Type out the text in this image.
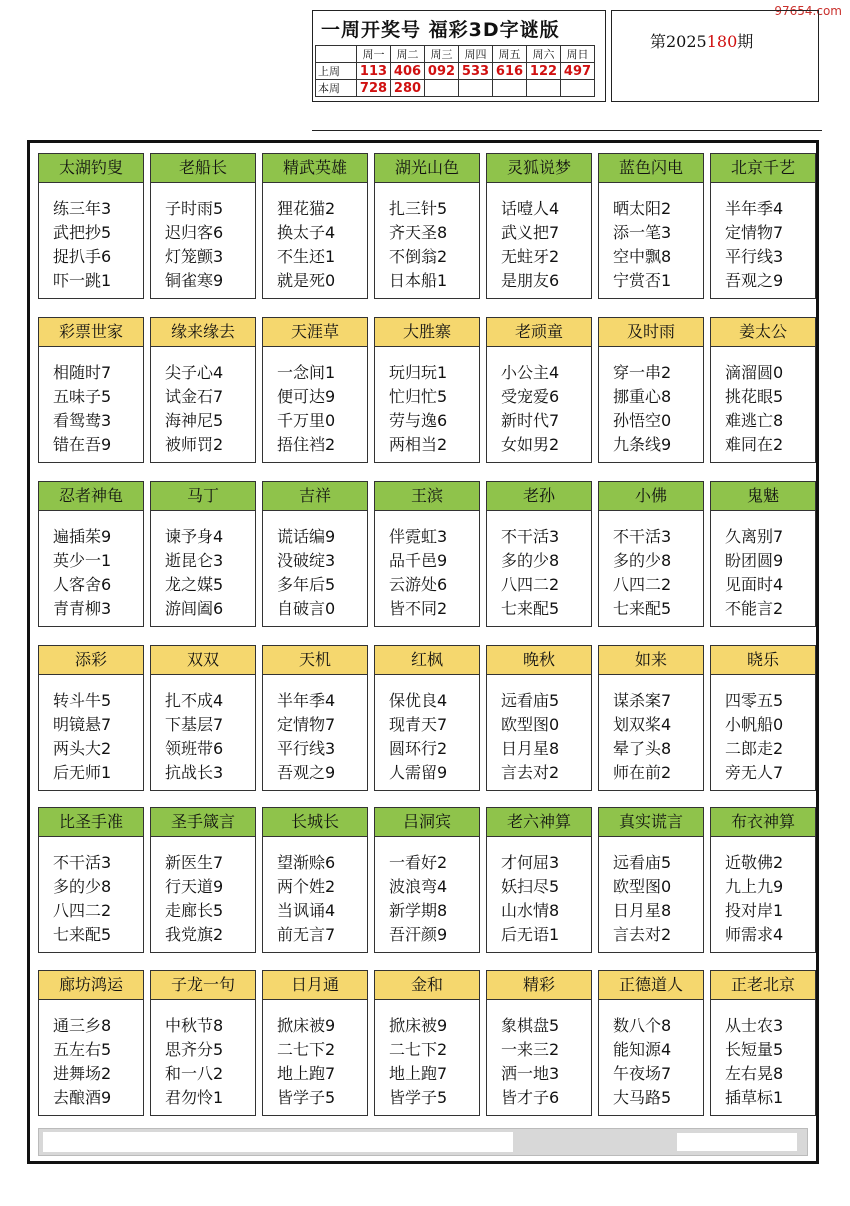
97654.com
一周开奖号 福彩3D字谜版
	周一	周二	周三	周四	周五	周六	周日
上周	113	406	092	533	616	122	497
本周	728	280					
第2025180期
太湖钓叟
练三年3
武把抄5
捉扒手6
吓一跳1
老船长
子时雨5
迟归客6
灯笼颤3
铜雀寒9
精武英雄
狸花猫2
换太子4
不生还1
就是死0
湖光山色
扎三针5
齐天圣8
不倒翁2
日本船1
灵狐说梦
话噎人4
武义把7
无蛀牙2
是朋友6
蓝色闪电
晒太阳2
添一笔3
空中飘8
宁赏否1
北京千艺
半年季4
定情物7
平行线3
吾观之9
彩票世家
相随时7
五味子5
看鸳鸯3
错在吾9
缘来缘去
尖子心4
试金石7
海神尼5
被师罚2
天涯草
一念间1
便可达9
千万里0
捂住裆2
大胜寨
玩归玩1
忙归忙5
劳与逸6
两相当2
老顽童
小公主4
受宠爱6
新时代7
女如男2
及时雨
穿一串2
挪重心8
孙悟空0
九条线9
姜太公
滴溜圆0
挑花眼5
难逃亡8
难同在2
忍者神龟
遍插茱9
英少一1
人客舍6
青青柳3
马丁
谏予身4
逝昆仑3
龙之媒5
游闾阖6
吉祥
谎话编9
没破绽3
多年后5
自破言0
王滨
伴霓虹3
品千邑9
云游处6
皆不同2
老孙
不干活3
多的少8
八四二2
七来配5
小佛
不干活3
多的少8
八四二2
七来配5
鬼魅
久离别7
盼团圆9
见面时4
不能言2
添彩
转斗牛5
明镜悬7
两头大2
后无师1
双双
扎不成4
下基层7
领班带6
抗战长3
天机
半年季4
定情物7
平行线3
吾观之9
红枫
保优良4
现青天7
圆环行2
人需留9
晚秋
远看庙5
欧型图0
日月星8
言去对2
如来
谋杀案7
划双桨4
晕了头8
师在前2
晓乐
四零五5
小帆船0
二郎走2
旁无人7
比圣手准
不干活3
多的少8
八四二2
七来配5
圣手箴言
新医生7
行天道9
走廊长5
我党旗2
长城长
望渐赊6
两个姓2
当讽诵4
前无言7
吕洞宾
一看好2
波浪弯4
新学期8
吾汗颜9
老六神算
才何屈3
妖扫尽5
山水情8
后无语1
真实谎言
远看庙5
欧型图0
日月星8
言去对2
布衣神算
近敬佛2
九上九9
投对岸1
师需求4
廊坊鸿运
通三乡8
五左右5
进舞场2
去酿酒9
子龙一句
中秋节8
思齐分5
和一八2
君勿怜1
日月通
掀床被9
二七下2
地上跑7
皆学子5
金和
掀床被9
二七下2
地上跑7
皆学子5
精彩
象棋盘5
一来三2
洒一地3
皆才子6
正德道人
数八个8
能知源4
午夜场7
大马路5
正老北京
从士农3
长短量5
左右晃8
插草标1
